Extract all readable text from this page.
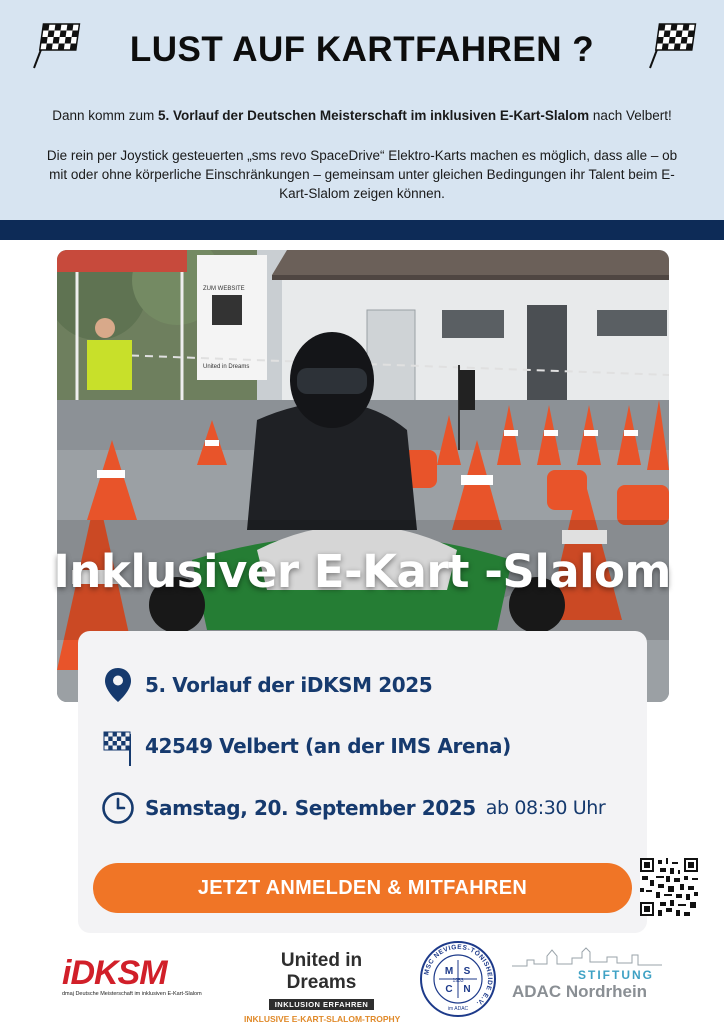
LUST AUF KARTFAHREN ?
Dann komm zum 5. Vorlauf der Deutschen Meisterschaft im inklusiven E-Kart-Slalom nach Velbert!
Die rein per Joystick gesteuerten „sms revo SpaceDrive“ Elektro-Karts machen es möglich, dass alle – ob mit oder ohne körperliche Einschränkungen – gemeinsam unter gleichen Bedingungen ihr Talent beim E-Kart-Slalom zeigen können.
ZUM WEBSITE
United in Dreams
Inklusiver E-Kart -Slalom
5. Vorlauf der iDKSM 2025
42549 Velbert (an der IMS Arena)
Samstag, 20. September 2025 ab 08:30 Uhr
JETZT ANMELDEN & MITFAHREN
iDKSM
dmaj Deutsche Meisterschaft im inklusiven E-Kart-Slalom
United in Dreams
INKLUSION ERFAHREN
INKLUSIVE E-KART-SLALOM-TROPHY
MSC NEVIGES-TÖNISHEIDE E.V.
M S
C N
1953
im ADAC
STIFTUNG
ADAC Nordrhein
